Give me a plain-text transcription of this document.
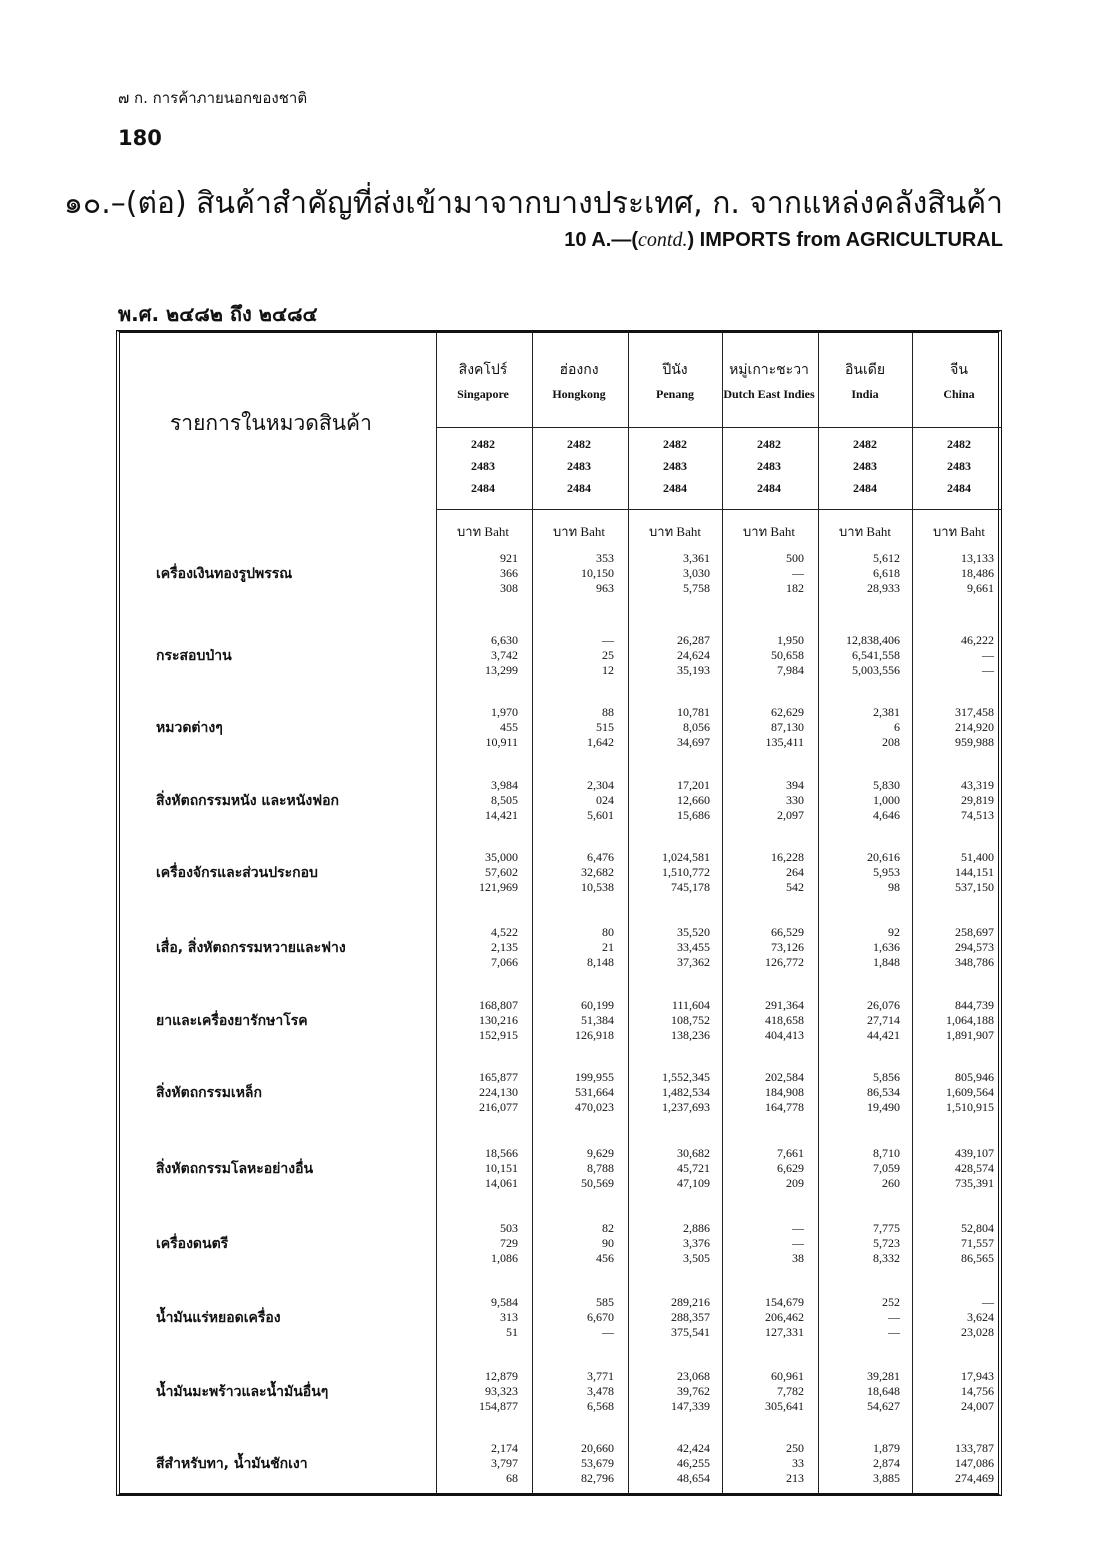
๗ ก. การค้าภายนอกของชาติ
180
๑๐.–(ต่อ) สินค้าสำคัญที่ส่งเข้ามาจากบางประเทศ, ก. จากแหล่งคลังสินค้า
10 A.—(contd.) IMPORTS from AGRICULTURAL
พ.ศ. ๒๔๘๒ ถึง ๒๔๘๔
รายการในหมวดสินค้า
สิงคโปร์
Singapore
2482
2483
2484
บาท Baht
ฮ่องกง
Hongkong
2482
2483
2484
บาท Baht
ปีนัง
Penang
2482
2483
2484
บาท Baht
หมู่เกาะชะวา
Dutch East Indies
2482
2483
2484
บาท Baht
อินเดีย
India
2482
2483
2484
บาท Baht
จีน
China
2482
2483
2484
บาท Baht
เครื่องเงินทองรูปพรรณ
921
366
308
353
10,150
963
3,361
3,030
5,758
500
—
182
5,612
6,618
28,933
13,133
18,486
9,661
กระสอบป่าน
6,630
3,742
13,299
—
25
12
26,287
24,624
35,193
1,950
50,658
7,984
12,838,406
6,541,558
5,003,556
46,222
—
—
หมวดต่างๆ
1,970
455
10,911
88
515
1,642
10,781
8,056
34,697
62,629
87,130
135,411
2,381
6
208
317,458
214,920
959,988
สิ่งหัตถกรรมหนัง และหนังฟอก
3,984
8,505
14,421
2,304
024
5,601
17,201
12,660
15,686
394
330
2,097
5,830
1,000
4,646
43,319
29,819
74,513
เครื่องจักรและส่วนประกอบ
35,000
57,602
121,969
6,476
32,682
10,538
1,024,581
1,510,772
745,178
16,228
264
542
20,616
5,953
98
51,400
144,151
537,150
เสื่อ, สิ่งหัตถกรรมหวายและฟาง
4,522
2,135
7,066
80
21
8,148
35,520
33,455
37,362
66,529
73,126
126,772
92
1,636
1,848
258,697
294,573
348,786
ยาและเครื่องยารักษาโรค
168,807
130,216
152,915
60,199
51,384
126,918
111,604
108,752
138,236
291,364
418,658
404,413
26,076
27,714
44,421
844,739
1,064,188
1,891,907
สิ่งหัตถกรรมเหล็ก
165,877
224,130
216,077
199,955
531,664
470,023
1,552,345
1,482,534
1,237,693
202,584
184,908
164,778
5,856
86,534
19,490
805,946
1,609,564
1,510,915
สิ่งหัตถกรรมโลหะอย่างอื่น
18,566
10,151
14,061
9,629
8,788
50,569
30,682
45,721
47,109
7,661
6,629
209
8,710
7,059
260
439,107
428,574
735,391
เครื่องดนตรี
503
729
1,086
82
90
456
2,886
3,376
3,505
—
—
38
7,775
5,723
8,332
52,804
71,557
86,565
น้ำมันแร่หยอดเครื่อง
9,584
313
51
585
6,670
—
289,216
288,357
375,541
154,679
206,462
127,331
252
—
—
—
3,624
23,028
น้ำมันมะพร้าวและน้ำมันอื่นๆ
12,879
93,323
154,877
3,771
3,478
6,568
23,068
39,762
147,339
60,961
7,782
305,641
39,281
18,648
54,627
17,943
14,756
24,007
สีสำหรับทา, น้ำมันชักเงา
2,174
3,797
68
20,660
53,679
82,796
42,424
46,255
48,654
250
33
213
1,879
2,874
3,885
133,787
147,086
274,469
